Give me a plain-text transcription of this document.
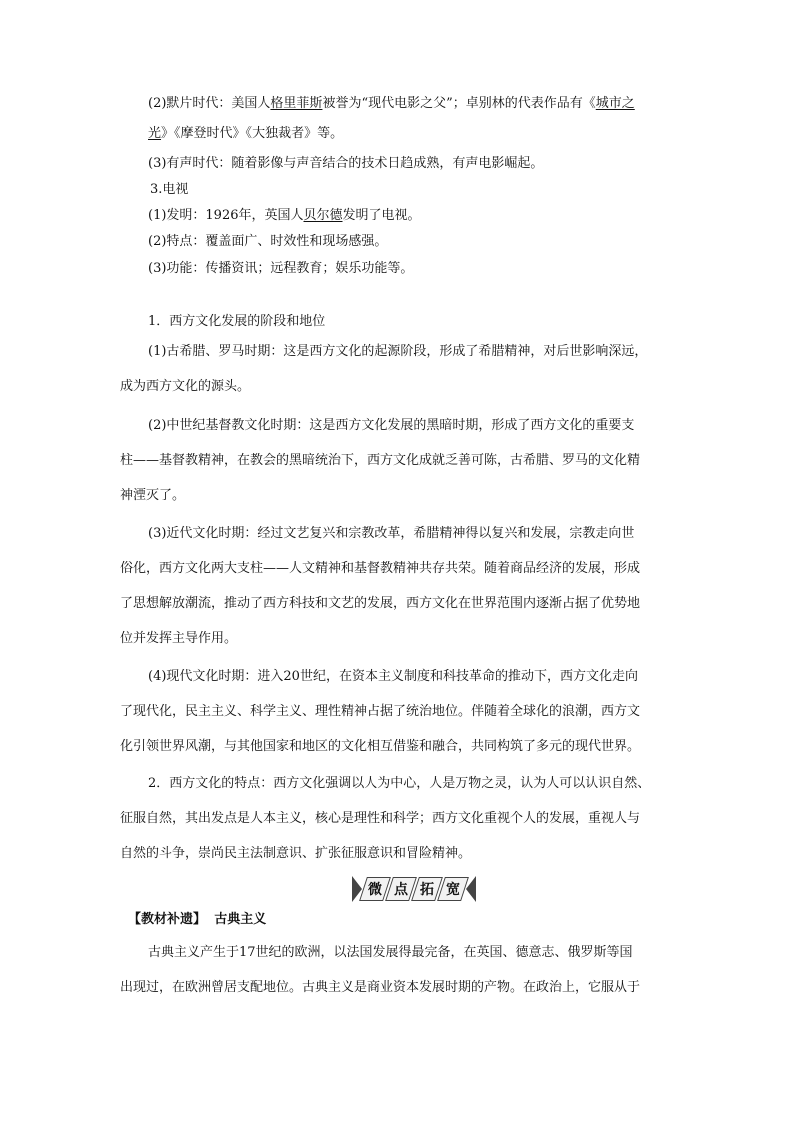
(2)默片时代：美国人格里菲斯被誉为“现代电影之父”；卓别林的代表作品有《城市之
光》《摩登时代》《大独裁者》等。
(3)有声时代：随着影像与声音结合的技术日趋成熟，有声电影崛起。
3.电视
(1)发明：1926年，英国人贝尔德发明了电视。
(2)特点：覆盖面广、时效性和现场感强。
(3)功能：传播资讯；远程教育；娱乐功能等。
1．西方文化发展的阶段和地位
(1)古希腊、罗马时期：这是西方文化的起源阶段，形成了希腊精神，对后世影响深远，
成为西方文化的源头。
(2)中世纪基督教文化时期：这是西方文化发展的黑暗时期，形成了西方文化的重要支
柱——基督教精神，在教会的黑暗统治下，西方文化成就乏善可陈，古希腊、罗马的文化精
神湮灭了。
(3)近代文化时期：经过文艺复兴和宗教改革，希腊精神得以复兴和发展，宗教走向世
俗化，西方文化两大支柱——人文精神和基督教精神共存共荣。随着商品经济的发展，形成
了思想解放潮流，推动了西方科技和文艺的发展，西方文化在世界范围内逐渐占据了优势地
位并发挥主导作用。
(4)现代文化时期：进入20世纪，在资本主义制度和科技革命的推动下，西方文化走向
了现代化，民主主义、科学主义、理性精神占据了统治地位。伴随着全球化的浪潮，西方文
化引领世界风潮，与其他国家和地区的文化相互借鉴和融合，共同构筑了多元的现代世界。
2．西方文化的特点：西方文化强调以人为中心，人是万物之灵，认为人可以认识自然、
征服自然，其出发点是人本主义，核心是理性和科学；西方文化重视个人的发展，重视人与
自然的斗争，崇尚民主法制意识、扩张征服意识和冒险精神。
微 点 拓 宽
【教材补遗】 古典主义
古典主义产生于17世纪的欧洲，以法国发展得最完备，在英国、德意志、俄罗斯等国
出现过，在欧洲曾居支配地位。古典主义是商业资本发展时期的产物。在政治上，它服从于
